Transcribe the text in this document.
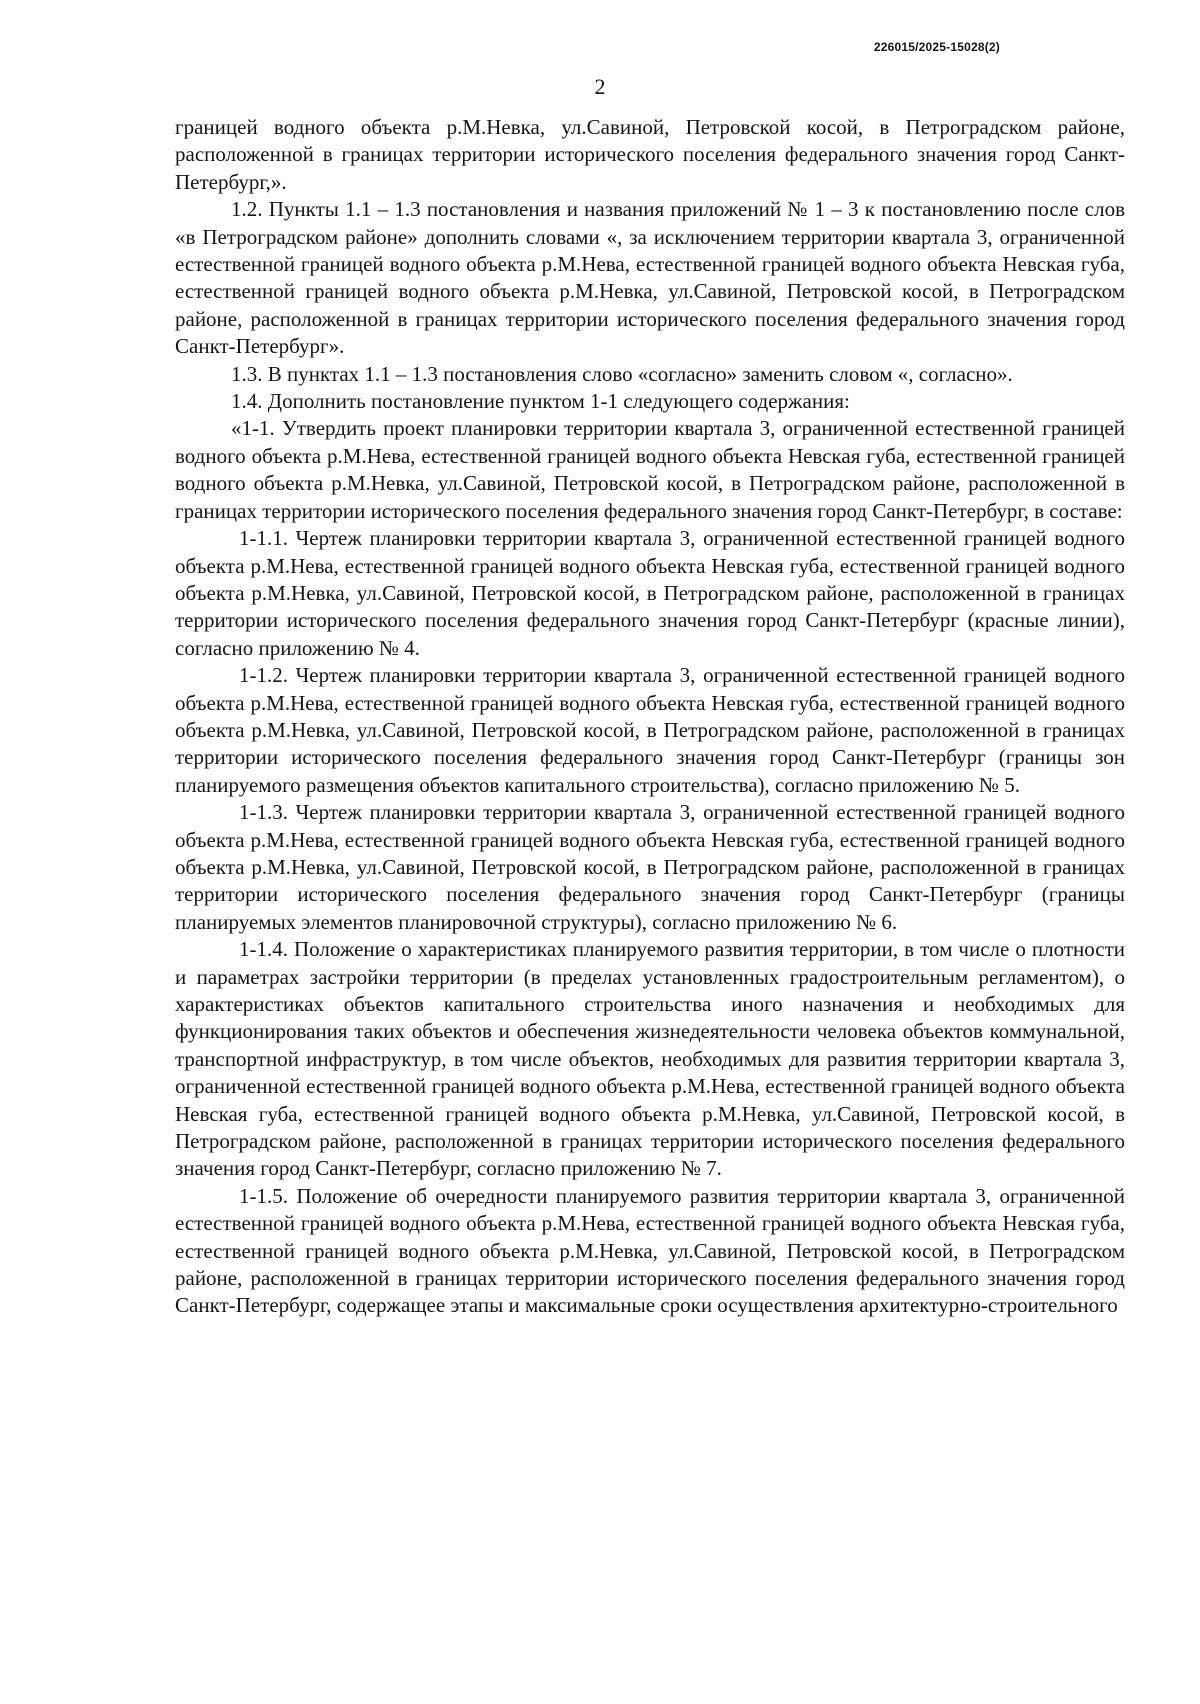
226015/2025-15028(2)
2

границей водного объекта р.М.Невка, ул.Савиной, Петровской косой, в Петроградском районе, расположенной в границах территории исторического поселения федерального значения город Санкт-Петербург,».

1.2. Пункты 1.1 – 1.3 постановления и названия приложений № 1 – 3 к постановлению после слов «в Петроградском районе» дополнить словами «, за исключением территории квартала 3, ограниченной естественной границей водного объекта р.М.Нева, естественной границей водного объекта Невская губа, естественной границей водного объекта р.М.Невка, ул.Савиной, Петровской косой, в Петроградском районе, расположенной в границах территории исторического поселения федерального значения город Санкт-Петербург».

1.3. В пунктах 1.1 – 1.3 постановления слово «согласно» заменить словом «, согласно».

1.4. Дополнить постановление пунктом 1-1 следующего содержания:

«1-1. Утвердить проект планировки территории квартала 3, ограниченной естественной границей водного объекта р.М.Нева, естественной границей водного объекта Невская губа, естественной границей водного объекта р.М.Невка, ул.Савиной, Петровской косой, в Петроградском районе, расположенной в границах территории исторического поселения федерального значения город Санкт-Петербург, в составе:

1-1.1. Чертеж планировки территории квартала 3, ограниченной естественной границей водного объекта р.М.Нева, естественной границей водного объекта Невская губа, естественной границей водного объекта р.М.Невка, ул.Савиной, Петровской косой, в Петроградском районе, расположенной в границах территории исторического поселения федерального значения город Санкт-Петербург (красные линии), согласно приложению № 4.

1-1.2. Чертеж планировки территории квартала 3, ограниченной естественной границей водного объекта р.М.Нева, естественной границей водного объекта Невская губа, естественной границей водного объекта р.М.Невка, ул.Савиной, Петровской косой, в Петроградском районе, расположенной в границах территории исторического поселения федерального значения город Санкт-Петербург (границы зон планируемого размещения объектов капитального строительства), согласно приложению № 5.

1-1.3. Чертеж планировки территории квартала 3, ограниченной естественной границей водного объекта р.М.Нева, естественной границей водного объекта Невская губа, естественной границей водного объекта р.М.Невка, ул.Савиной, Петровской косой, в Петроградском районе, расположенной в границах территории исторического поселения федерального значения город Санкт-Петербург (границы планируемых элементов планировочной структуры), согласно приложению № 6.

1-1.4. Положение о характеристиках планируемого развития территории, в том числе о плотности и параметрах застройки территории (в пределах установленных градостроительным регламентом), о характеристиках объектов капитального строительства иного назначения и необходимых для функционирования таких объектов и обеспечения жизнедеятельности человека объектов коммунальной, транспортной инфраструктур, в том числе объектов, необходимых для развития территории квартала 3, ограниченной естественной границей водного объекта р.М.Нева, естественной границей водного объекта Невская губа, естественной границей водного объекта р.М.Невка, ул.Савиной, Петровской косой, в Петроградском районе, расположенной в границах территории исторического поселения федерального значения город Санкт-Петербург, согласно приложению № 7.

1-1.5. Положение об очередности планируемого развития территории квартала 3, ограниченной естественной границей водного объекта р.М.Нева, естественной границей водного объекта Невская губа, естественной границей водного объекта р.М.Невка, ул.Савиной, Петровской косой, в Петроградском районе, расположенной в границах территории исторического поселения федерального значения город Санкт-Петербург, содержащее этапы и максимальные сроки осуществления архитектурно-строительного
